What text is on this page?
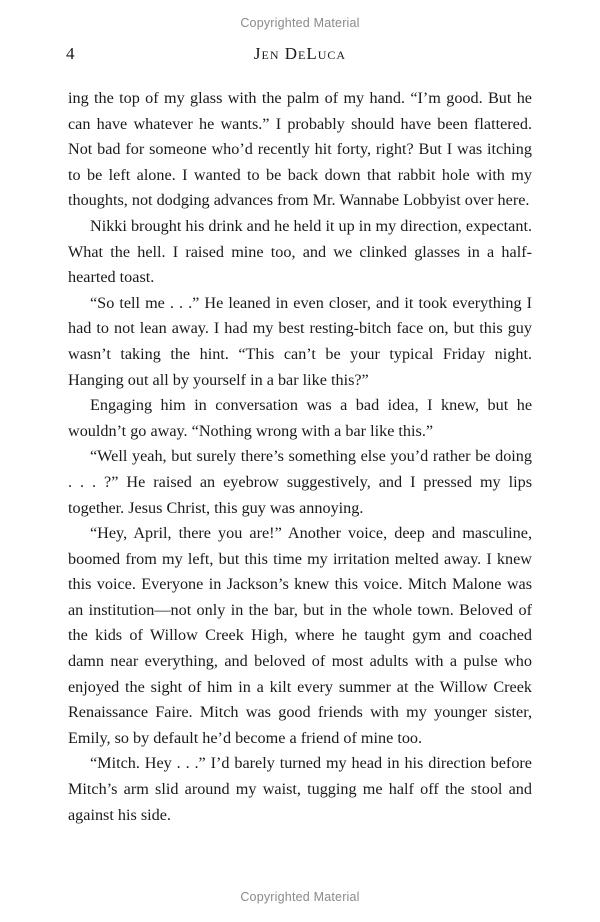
Copyrighted Material
4	Jen DeLuca

ing the top of my glass with the palm of my hand. “I’m good. But he can have whatever he wants.” I probably should have been flattered. Not bad for someone who’d recently hit forty, right? But I was itching to be left alone. I wanted to be back down that rabbit hole with my thoughts, not dodging advances from Mr. Wannabe Lobbyist over here.

Nikki brought his drink and he held it up in my direction, expectant. What the hell. I raised mine too, and we clinked glasses in a half-hearted toast.

“So tell me . . .” He leaned in even closer, and it took everything I had to not lean away. I had my best resting-bitch face on, but this guy wasn’t taking the hint. “This can’t be your typical Friday night. Hanging out all by yourself in a bar like this?”

Engaging him in conversation was a bad idea, I knew, but he wouldn’t go away. “Nothing wrong with a bar like this.”

“Well yeah, but surely there’s something else you’d rather be doing . . . ?” He raised an eyebrow suggestively, and I pressed my lips together. Jesus Christ, this guy was annoying.

“Hey, April, there you are!” Another voice, deep and masculine, boomed from my left, but this time my irritation melted away. I knew this voice. Everyone in Jackson’s knew this voice. Mitch Malone was an institution—not only in the bar, but in the whole town. Beloved of the kids of Willow Creek High, where he taught gym and coached damn near everything, and beloved of most adults with a pulse who enjoyed the sight of him in a kilt every summer at the Willow Creek Renaissance Faire. Mitch was good friends with my younger sister, Emily, so by default he’d become a friend of mine too.

“Mitch. Hey . . .” I’d barely turned my head in his direction before Mitch’s arm slid around my waist, tugging me half off the stool and against his side.

Copyrighted Material
